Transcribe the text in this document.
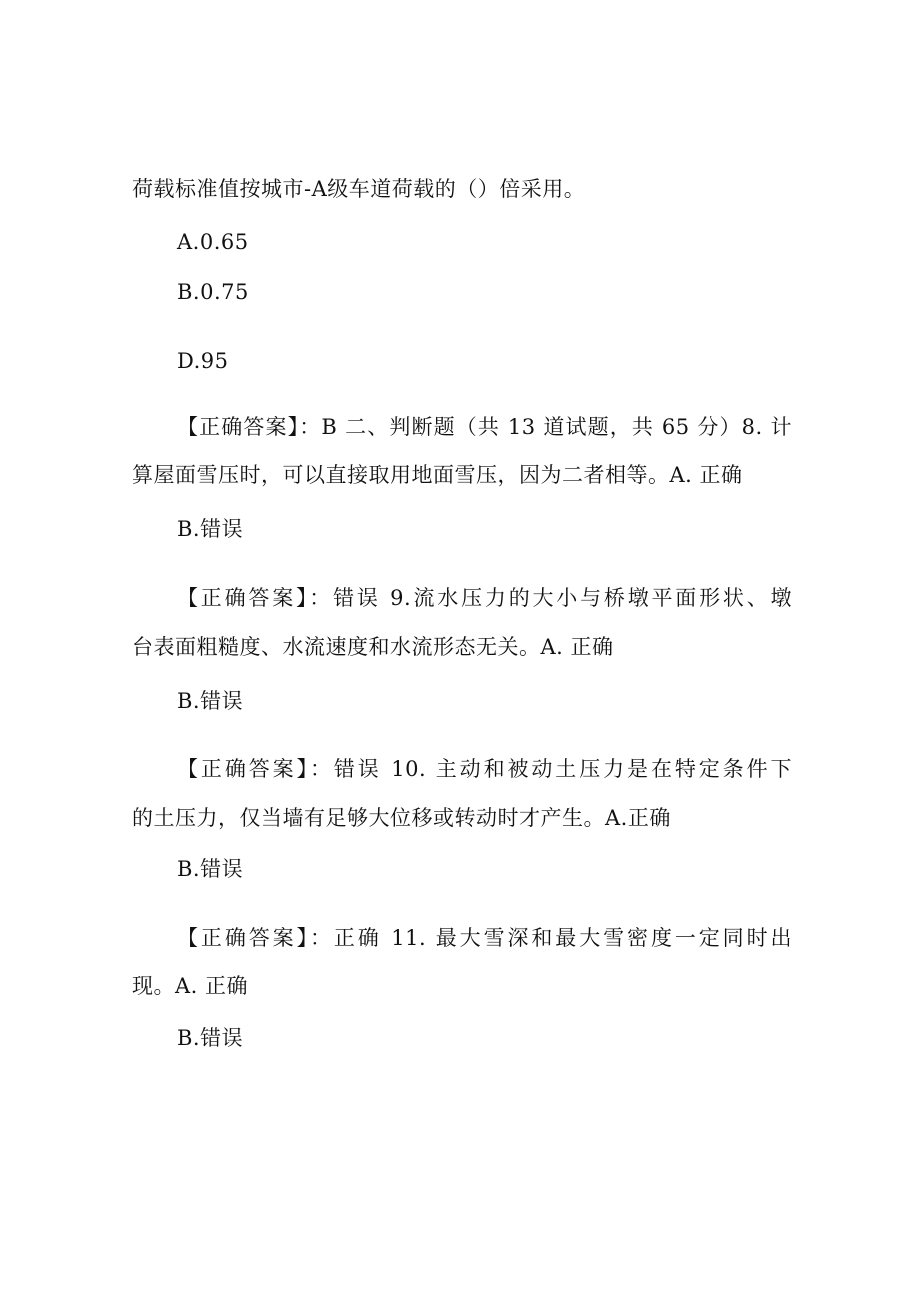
荷载标准值按城市-A级车道荷载的（）倍采用。
A.0.65
B.0.75
D.95
【正确答案】：B 二、判断题（共 13 道试题，共 65 分）8. 计
算屋面雪压时，可以直接取用地面雪压，因为二者相等。A. 正确
B.错误
【正确答案】：错误 9.流水压力的大小与桥墩平面形状、墩
台表面粗糙度、水流速度和水流形态无关。A. 正确
B.错误
【正确答案】：错误 10. 主动和被动土压力是在特定条件下
的土压力，仅当墙有足够大位移或转动时才产生。A.正确
B.错误
【正确答案】：正确 11. 最大雪深和最大雪密度一定同时出
现。A. 正确
B.错误
